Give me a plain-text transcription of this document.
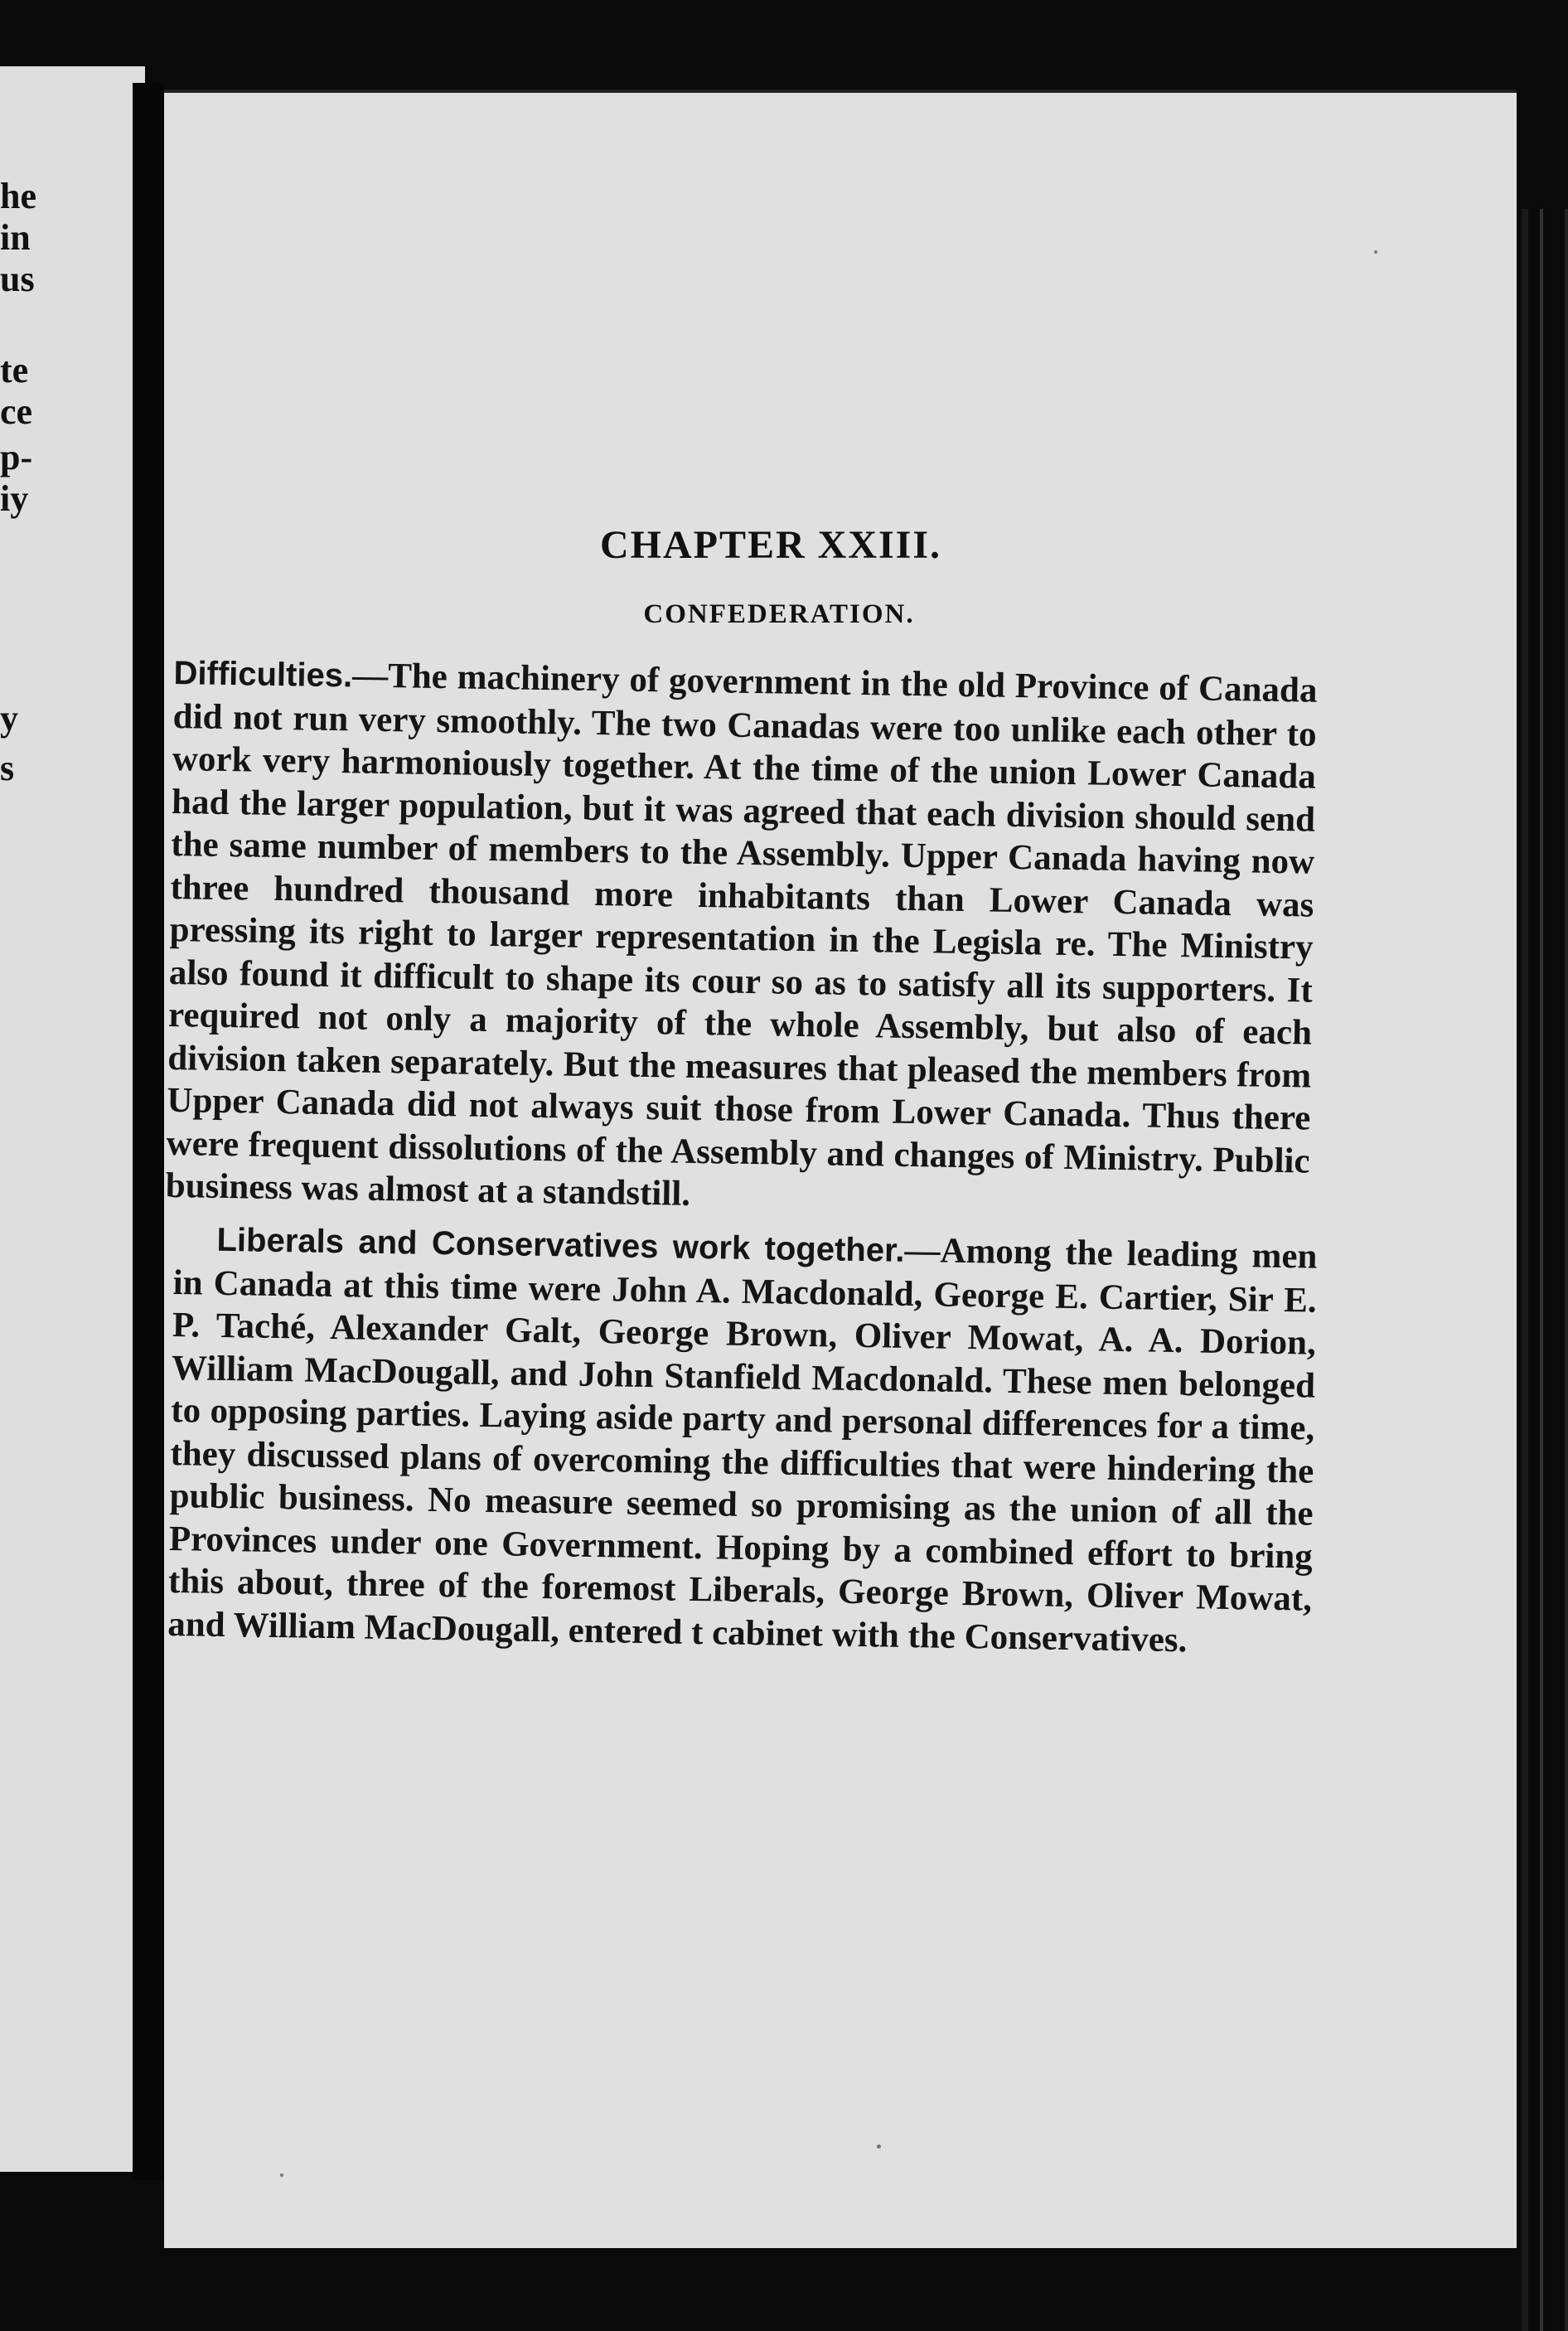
he
in
us
te
ce
p-
iy
y
s
CHAPTER XXIII.
CONFEDERATION.

Difficulties.—The machinery of government in the old Province of Canada did not run very smoothly. The two Canadas were too unlike each other to work very harmoniously together. At the time of the union Lower Canada had the larger population, but it was agreed that each division should send the same number of members to the Assembly. Upper Canada having now three hundred thousand more inhabitants than Lower Canada was pressing its right to larger representation in the Legisla re. The Ministry also found it difficult to shape its cour so as to satisfy all its supporters. It required not only a majority of the whole Assembly, but also of each division taken separately. But the measures that pleased the members from Upper Canada did not always suit those from Lower Canada. Thus there were frequent dissolutions of the Assembly and changes of Ministry. Public business was almost at a standstill.

Liberals and Conservatives work together.—Among the leading men in Canada at this time were John A. Macdonald, George E. Cartier, Sir E. P. Taché, Alexander Galt, George Brown, Oliver Mowat, A. A. Dorion, William MacDougall, and John Stanfield Macdonald. These men belonged to opposing parties. Laying aside party and personal differences for a time, they discussed plans of overcoming the difficulties that were hindering the public business. No measure seemed so promising as the union of all the Provinces under one Government. Hoping by a combined effort to bring this about, three of the foremost Liberals, George Brown, Oliver Mowat, and William MacDougall, entered t cabinet with the Conservatives.
